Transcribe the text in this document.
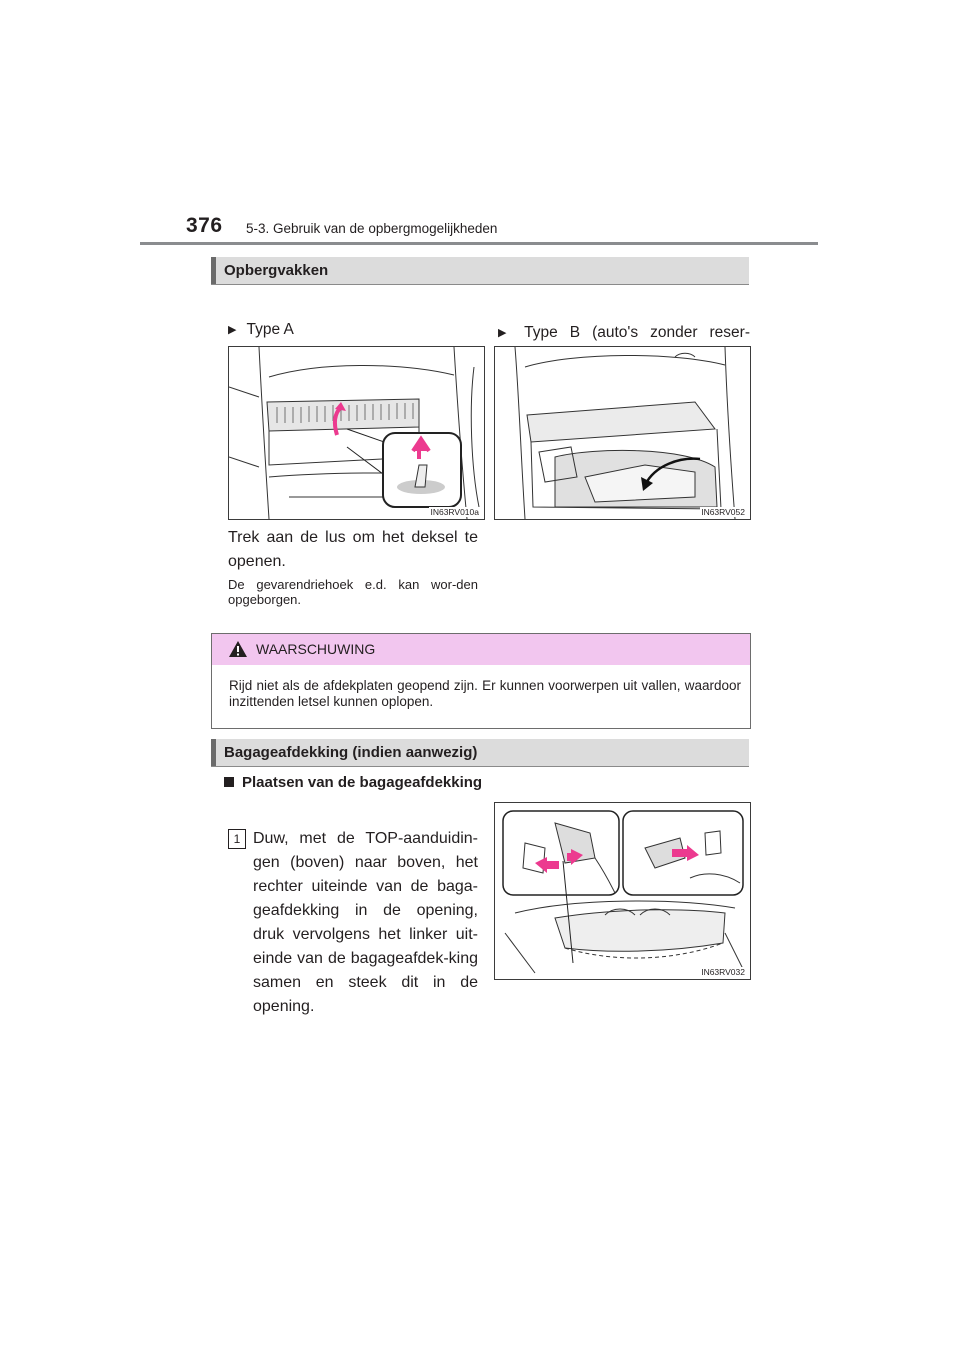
376 5-3. Gebruik van de opbergmogelijkheden
Opbergvakken
▶ Type A	▶ Type B (auto's zonder reser-
IN63RV010a	IN63RV052
Trek aan de lus om het deksel te openen.
De gevarendriehoek e.d. kan wor-den opgeborgen.
WAARSCHUWING
Rijd niet als de afdekplaten geopend zijn. Er kunnen voorwerpen uit vallen, waardoor inzittenden letsel kunnen oplopen.
Bagageafdekking (indien aanwezig)
Plaatsen van de bagageafdekking
1 Duw, met de TOP-aanduidin-gen (boven) naar boven, het rechter uiteinde van de baga-geafdekking in de opening, druk vervolgens het linker uit-einde van de bagageafdek-king samen en steek dit in de opening.
IN63RV032
